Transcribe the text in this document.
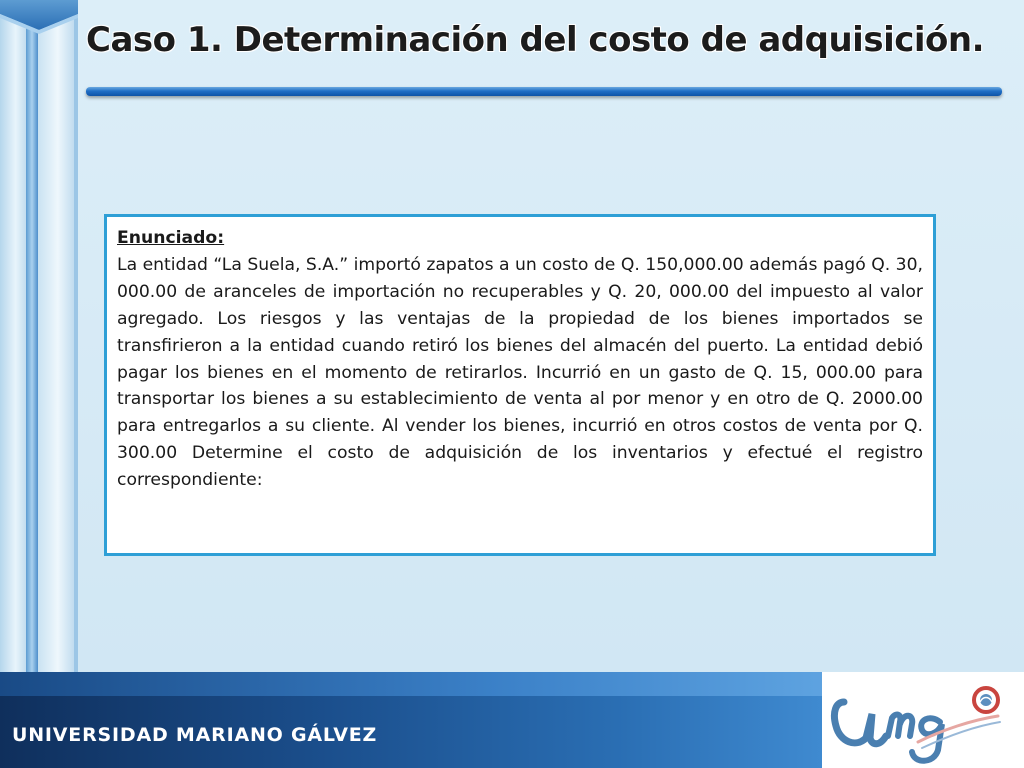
Caso 1. Determinación del costo de adquisición.
Enunciado:
La entidad “La Suela, S.A.” importó zapatos a un costo de Q. 150,000.00 además pagó Q. 30, 000.00 de aranceles de importación no recuperables y Q. 20, 000.00 del impuesto al valor agregado. Los riesgos y las ventajas de la propiedad de los bienes importados se transfirieron a la entidad cuando retiró los bienes del almacén del puerto. La entidad debió pagar los bienes en el momento de retirarlos. Incurrió en un gasto de Q. 15, 000.00 para transportar los bienes a su establecimiento de venta al por menor y en otro de Q. 2000.00 para entregarlos a su cliente. Al vender los bienes, incurrió en otros costos de venta por Q. 300.00 Determine el costo de adquisición de los inventarios y efectué el registro correspondiente:
UNIVERSIDAD MARIANO GÁLVEZ
